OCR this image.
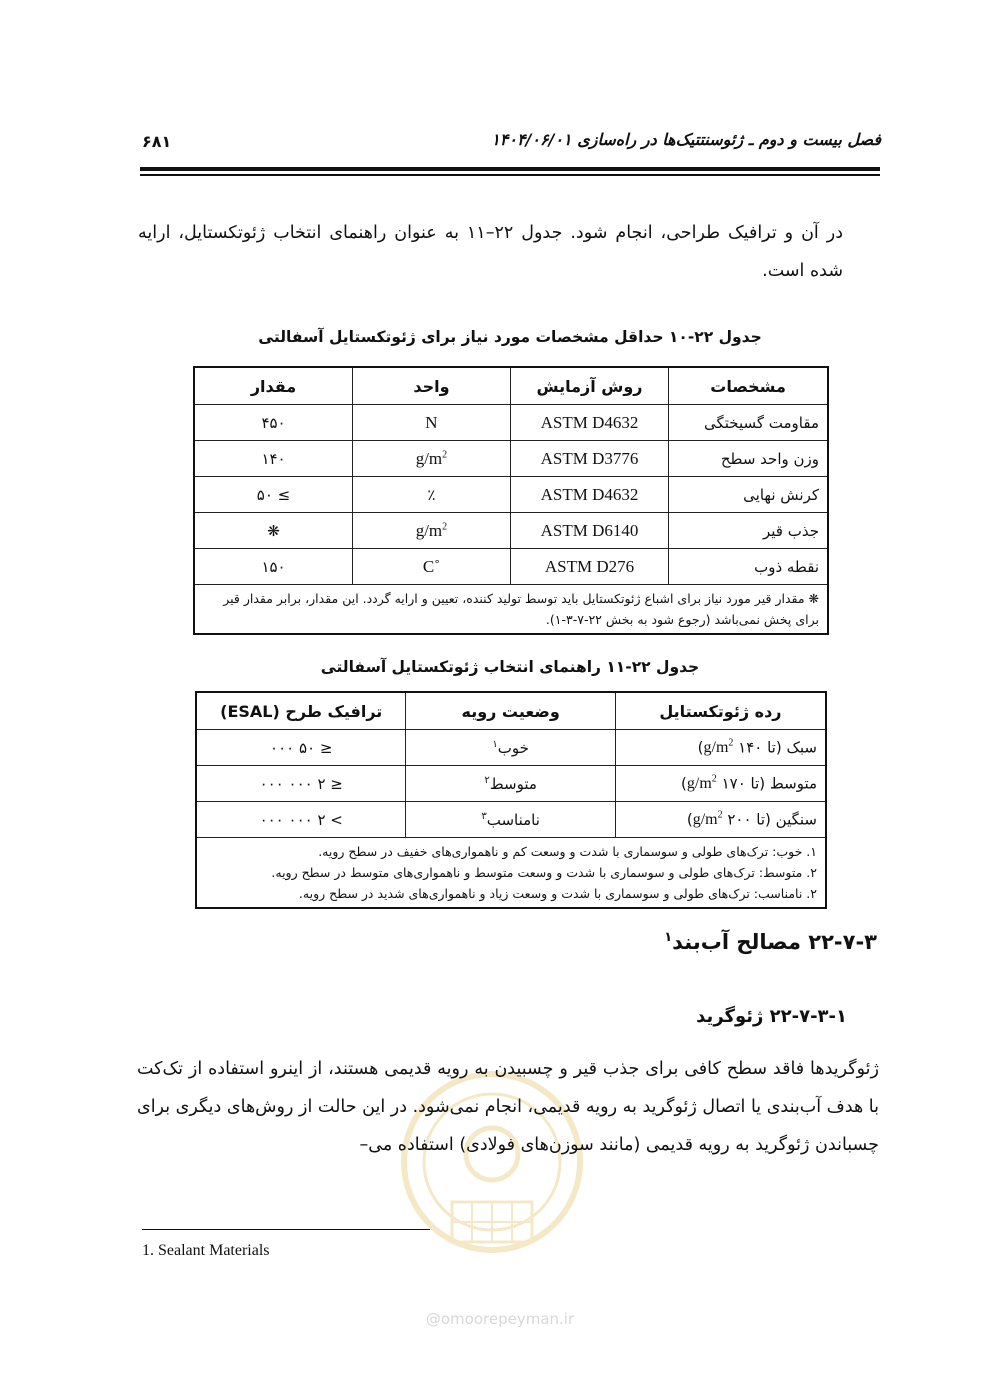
۶۸۱	فصل بیست و دوم ـ ژئوسنتتیک‌ها در راه‌سازی ۱۴۰۴/۰۶/۰۱
در آن و ترافیک طراحی، انجام شود. جدول ۲۲–۱۱ به عنوان راهنمای انتخاب ژئوتکستایل، ارایه شده است.
جدول ۲۲-۱۰ حداقل مشخصات مورد نیاز برای ژئوتکستایل آسفالتی
مشخصات	روش آزمایش	واحد	مقدار
مقاومت گسیختگی	ASTM D4632	N	۴۵۰
وزن واحد سطح	ASTM D3776	$g/m^2$	۱۴۰
کرنش نهایی	ASTM D4632	٪	≥ ۵۰
جذب قیر	ASTM D6140	$g/m^2$	❋
نقطه ذوب	ASTM D276	˚C	۱۵۰
❋ مقدار قیر مورد نیاز برای اشباع ژئوتکستایل باید توسط تولید کننده، تعیین و ارایه گردد. این مقدار، برابر مقدار قیر برای پخش نمی‌باشد (رجوع شود به بخش ۲۲-۷-۳-۱).			
جدول ۲۲-۱۱ راهنمای انتخاب ژئوتکستایل آسفالتی
رده ژئوتکستایل	وضعیت رویه	ترافیک طرح (ESAL)
سبک (تا ۱۴۰ $g/m^2$)	خوب$^۱$	≤ ۵۰ ۰۰۰
متوسط (تا ۱۷۰ $g/m^2$)	متوسط$^۲$	≤ ۲ ۰۰۰ ۰۰۰
سنگین (تا ۲۰۰ $g/m^2$)	نامناسب$^۳$	> ۲ ۰۰۰ ۰۰۰

۱. خوب: ترک‌های طولی و سوسماری با شدت و وسعت کم و ناهمواری‌های خفیف در سطح رویه.
۲. متوسط: ترک‌های طولی و سوسماری با شدت و وسعت متوسط و ناهمواری‌های متوسط در سطح رویه.
۲. نامناسب: ترک‌های طولی و سوسماری با شدت و وسعت زیاد و ناهمواری‌های شدید در سطح رویه.		
۲۲-۷-۳ مصالح آب‌بند$^۱$
۲۲-۷-۳-۱ ژئوگرید
ژئوگریدها فاقد سطح کافی برای جذب قیر و چسبیدن به رویه قدیمی هستند، از اینرو استفاده از تک‌کت با هدف آب‌بندی یا اتصال ژئوگرید به رویه قدیمی، انجام نمی‌شود. در این حالت از روش‌های دیگری برای چسباندن ژئوگرید به رویه قدیمی (مانند سوزن‌های فولادی) استفاده می–
1. Sealant Materials
@omoorepeyman.ir
